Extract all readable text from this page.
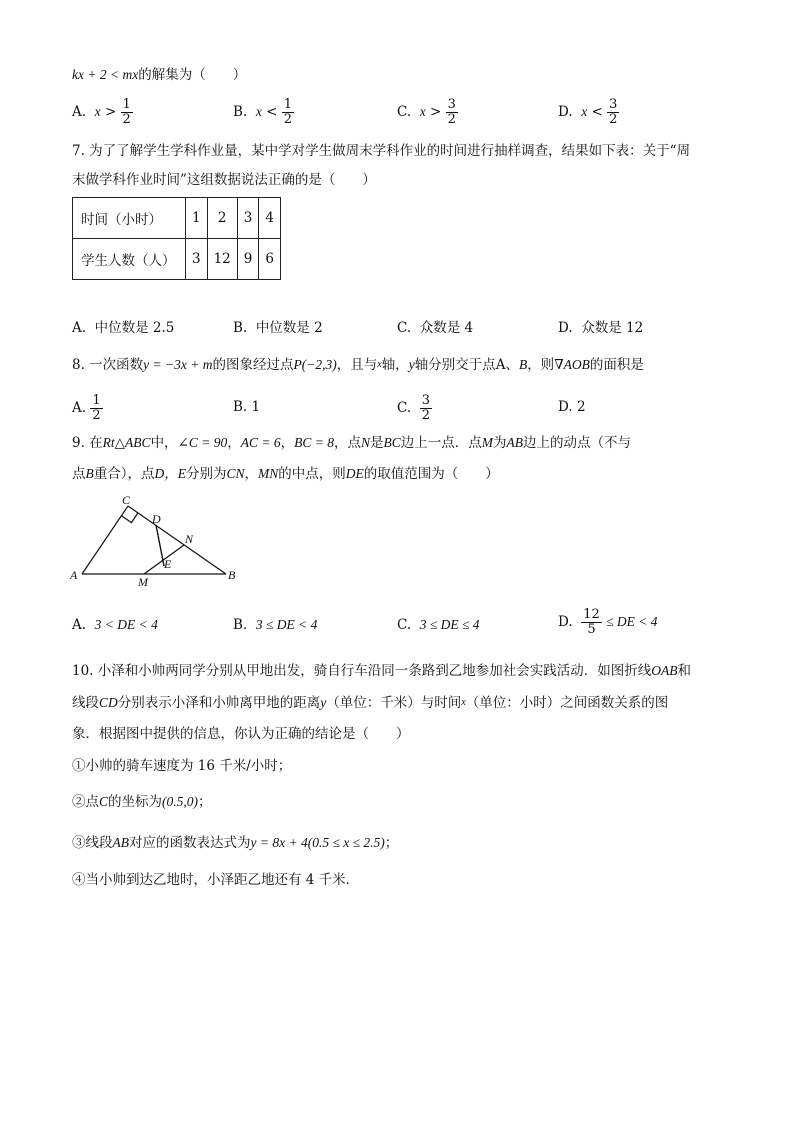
kx + 2 < mx的解集为（　　）
A. $x > \frac{1}{2}$	B. $x < \frac{1}{2}$	C. $x > \frac{3}{2}$	D. $x < \frac{3}{2}$
7. 为了了解学生学科作业量，某中学对学生做周末学科作业的时间进行抽样调查，结果如下表：关于“周
末做学科作业时间”这组数据说法正确的是（　　）
时间（小时）	1	2	3	4
学生人数（人）	3	12	9	6
A. 中位数是 2.5	B. 中位数是 2	C. 众数是 4	D. 众数是 12
8. 一次函数y = −3x + m的图象经过点P(−2,3)，且与$^x$轴，y轴分别交于点A、B，则∇AOB的面积是
A. $\frac{1}{2}$	B. 1	C. $\frac{3}{2}$	D. 2
9. 在Rt△ABC中，∠C = 90，AC = 6，BC = 8，点N是BC边上一点．点M为AB边上的动点（不与
点B重合），点D，E分别为CN，MN的中点，则DE的取值范围为（　　）
C
D
N
E
A	M	B
A. 3 < DE < 4	B. 3 ≤ DE < 4	C. 3 ≤ DE ≤ 4	D. $\frac{12}{5}$ ≤ DE < 4
10. 小泽和小帅两同学分别从甲地出发，骑自行车沿同一条路到乙地参加社会实践活动．如图折线OAB和
线段CD分别表示小泽和小帅离甲地的距离y（单位：千米）与时间$^x$（单位：小时）之间函数关系的图
象．根据图中提供的信息，你认为正确的结论是（　　）
①小帅的骑车速度为 16 千米/小时；
②点C的坐标为(0.5,0)；
③线段AB对应的函数表达式为y = 8x + 4(0.5 ≤ x ≤ 2.5)；
④当小帅到达乙地时，小泽距乙地还有 4 千米．
